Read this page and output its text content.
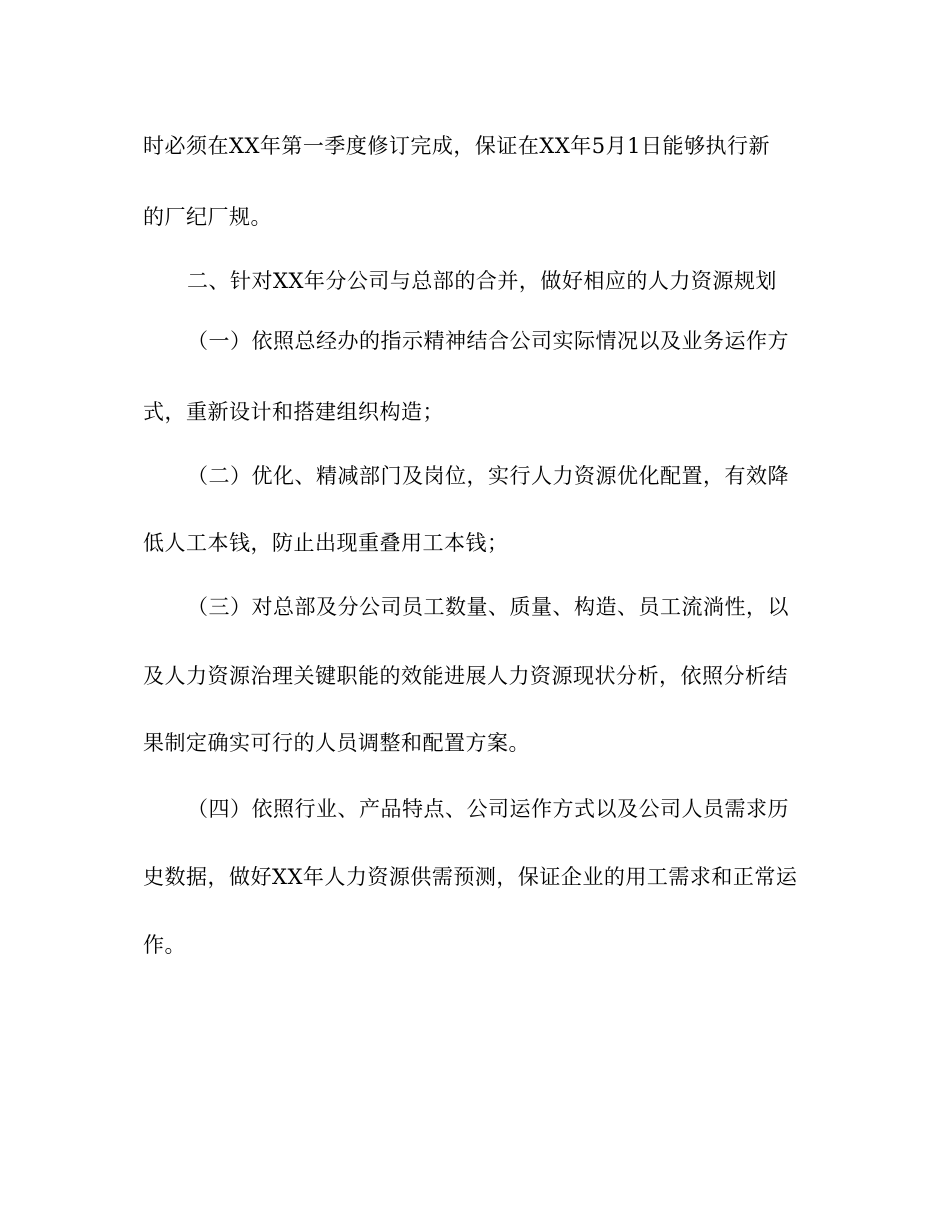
时必须在XX年第一季度修订完成，保证在XX年5月1日能够执行新
的厂纪厂规。
二、针对XX年分公司与总部的合并，做好相应的人力资源规划
（一）依照总经办的指示精神结合公司实际情况以及业务运作方
式，重新设计和搭建组织构造；
（二）优化、精减部门及岗位，实行人力资源优化配置，有效降
低人工本钱，防止出现重叠用工本钱；
（三）对总部及分公司员工数量、质量、构造、员工流淌性，以
及人力资源治理关键职能的效能进展人力资源现状分析，依照分析结
果制定确实可行的人员调整和配置方案。
（四）依照行业、产品特点、公司运作方式以及公司人员需求历
史数据，做好XX年人力资源供需预测，保证企业的用工需求和正常运
作。
